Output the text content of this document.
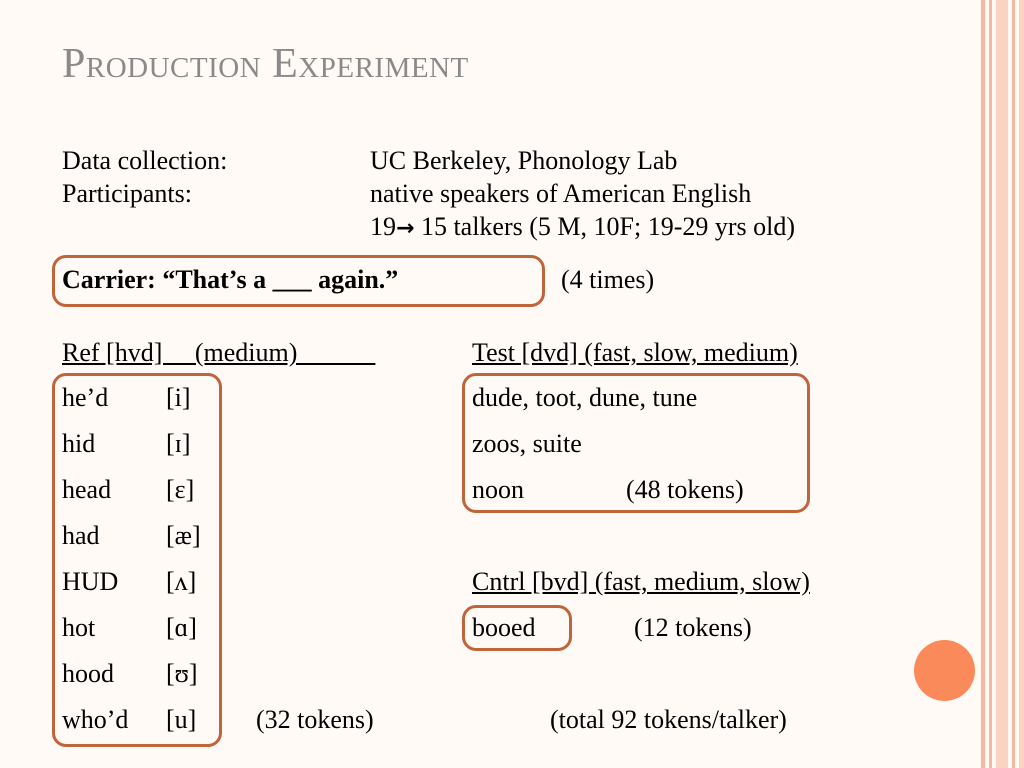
Production Experiment
Data collection:	UC Berkeley, Phonology Lab
Participants:	native speakers of American English
19→ 15 talkers (5 M, 10F; 19-29 yrs old)
Carrier: “That’s a ___ again.”	(4 times)
Ref [hvd]     (medium)	Test [dvd] (fast, slow, medium)
he’d [i]
hid	[ɪ]
head [ɛ]
had	[æ]
HUD [ʌ]
hot	[ɑ]
hood [ʊ]
who’d [u] (32 tokens)
dude, toot, dune, tune
zoos, suite
noon	(48 tokens)
Cntrl [bvd] (fast, medium, slow)
booed	(12 tokens)
(total 92 tokens/talker)
